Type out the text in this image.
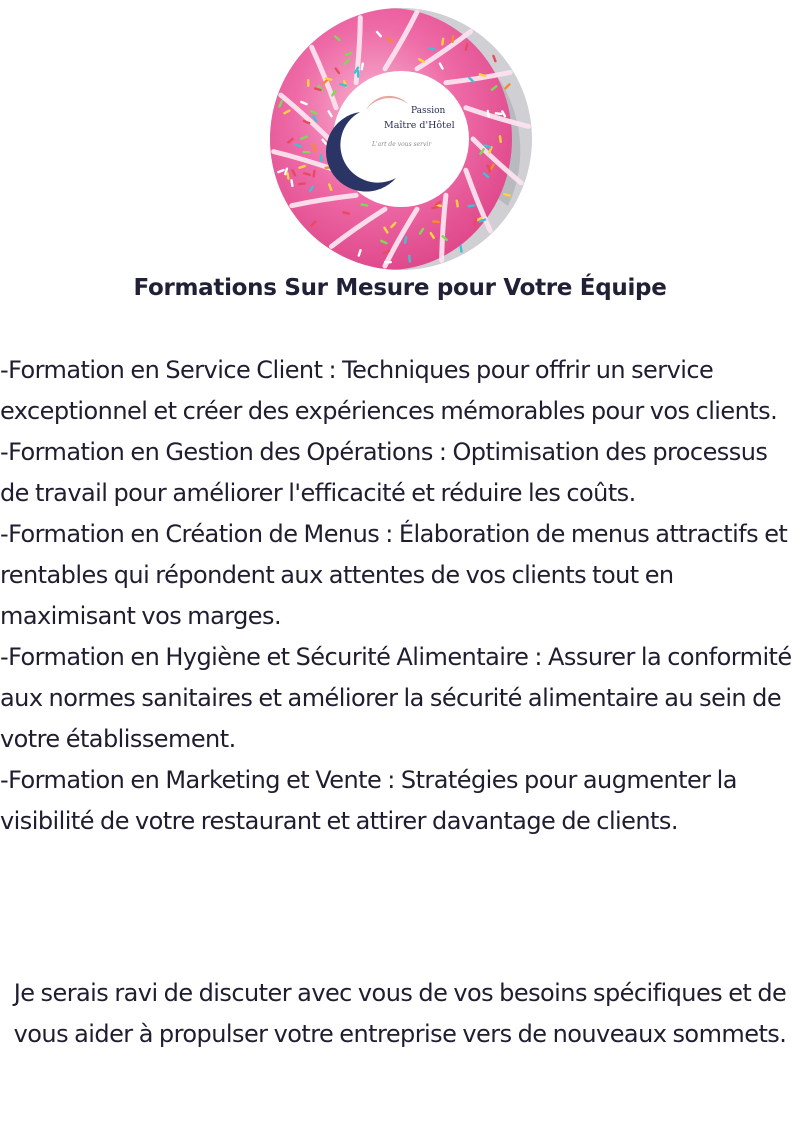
Passion
Maître d'Hôtel
L'art de vous servir
Formations Sur Mesure pour Votre Équipe

-Formation en Service Client : Techniques pour offrir un service exceptionnel et créer des expériences mémorables pour vos clients.

-Formation en Gestion des Opérations : Optimisation des processus de travail pour améliorer l'efficacité et réduire les coûts.

-Formation en Création de Menus : Élaboration de menus attractifs et rentables qui répondent aux attentes de vos clients tout en maximisant vos marges.

-Formation en Hygiène et Sécurité Alimentaire : Assurer la conformité aux normes sanitaires et améliorer la sécurité alimentaire au sein de votre établissement.

-Formation en Marketing et Vente : Stratégies pour augmenter la visibilité de votre restaurant et attirer davantage de clients.

Je serais ravi de discuter avec vous de vos besoins spécifiques et de vous aider à propulser votre entreprise vers de nouveaux sommets.
